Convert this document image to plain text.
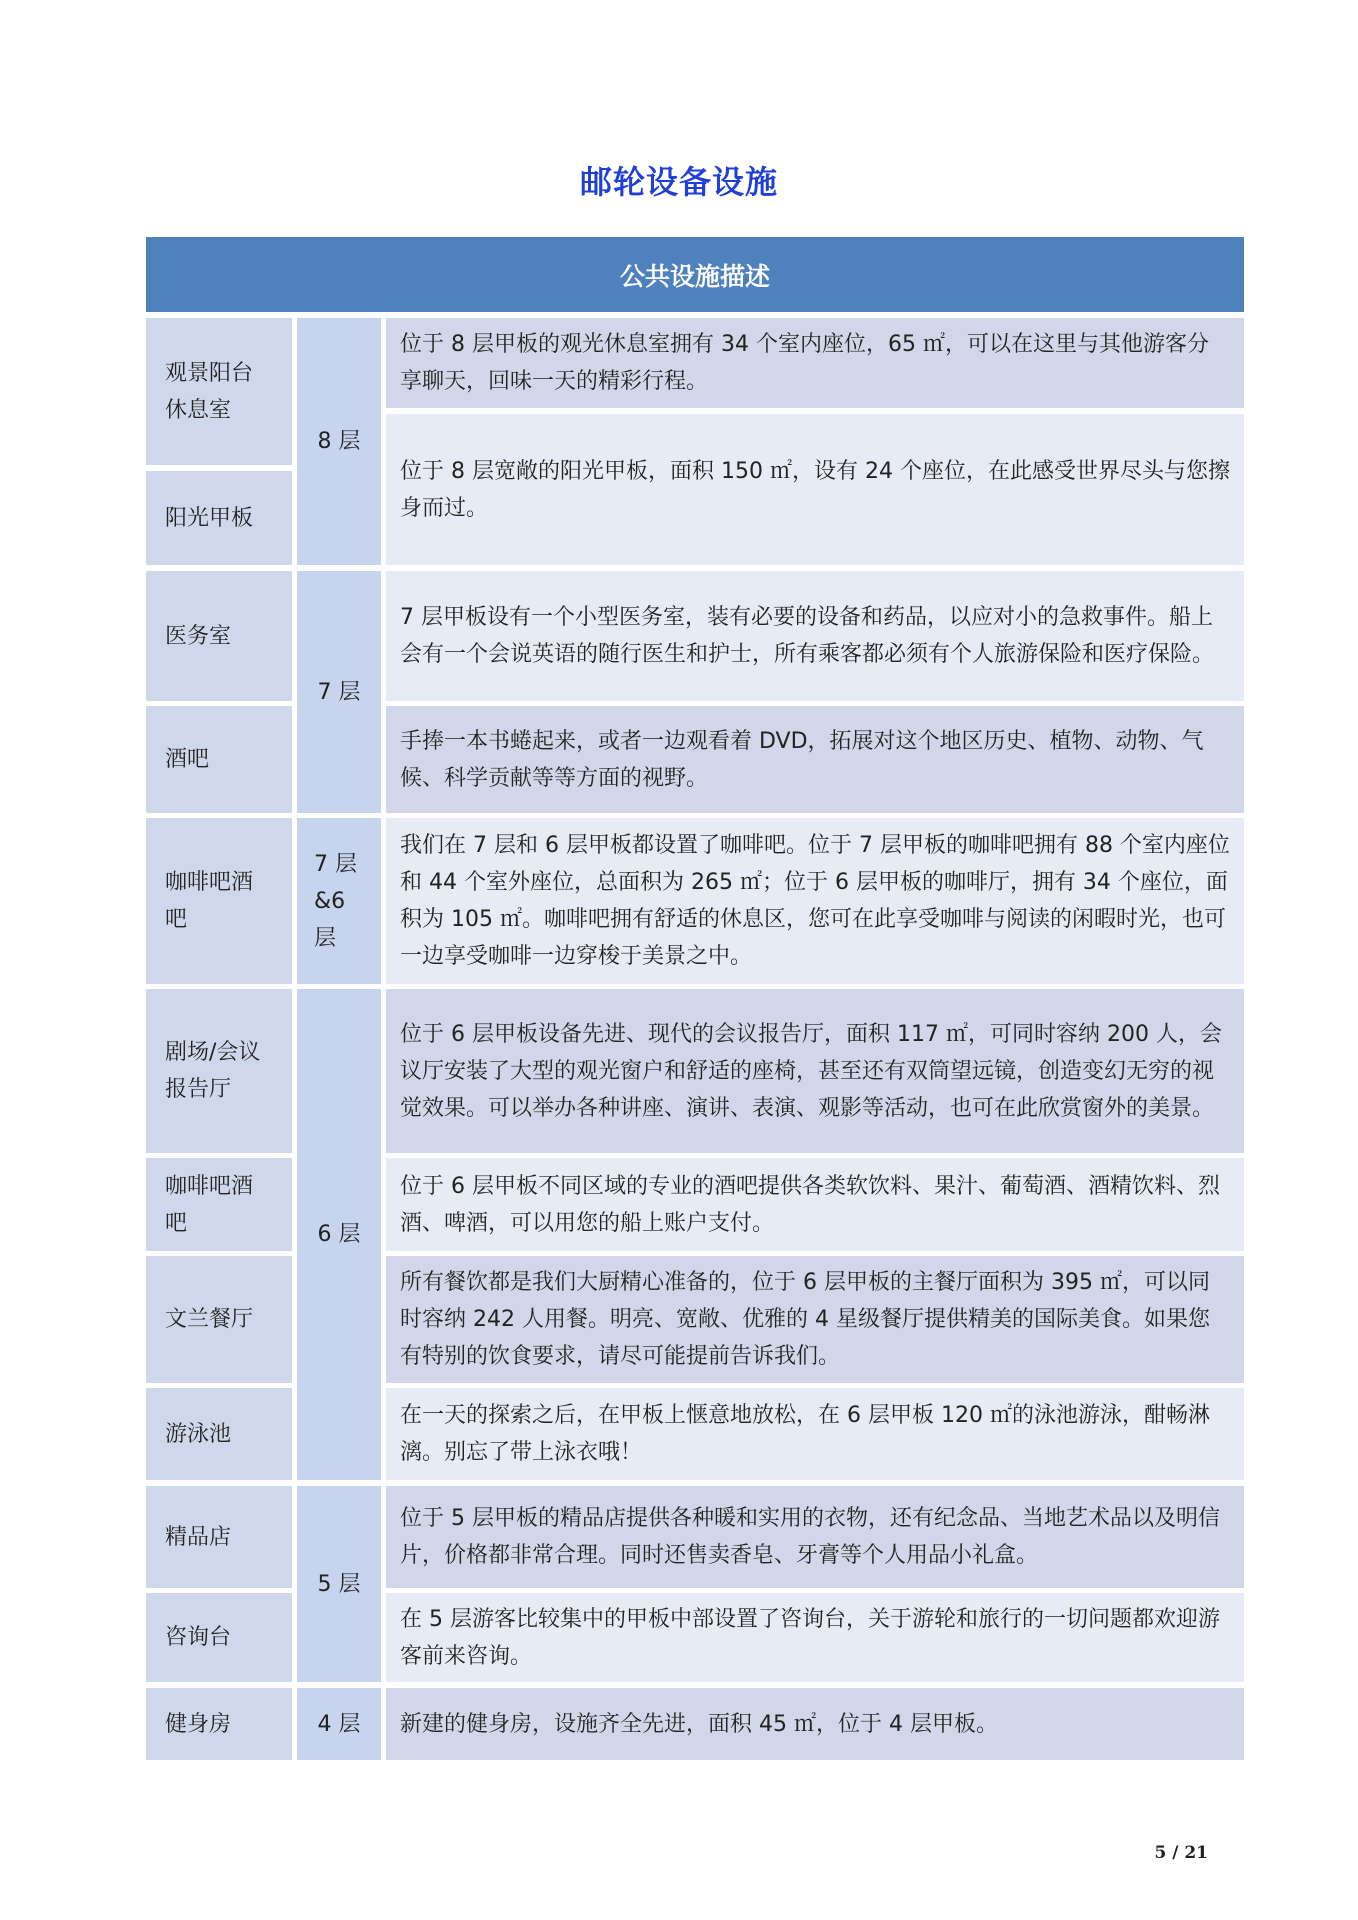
邮轮设备设施
公共设施描述
观景阳台休息室
阳光甲板
医务室
酒吧
咖啡吧酒吧
剧场/会议报告厅
咖啡吧酒吧
文兰餐厅
游泳池
精品店
咨询台
健身房
8 层
7 层
7 层&6 层
6 层
5 层
4 层
位于 8 层甲板的观光休息室拥有 34 个室内座位，65 ㎡，可以在这里与其他游客分享聊天，回味一天的精彩行程。
位于 8 层宽敞的阳光甲板，面积 150 ㎡，设有 24 个座位，在此感受世界尽头与您擦身而过。
7 层甲板设有一个小型医务室，装有必要的设备和药品，以应对小的急救事件。船上会有一个会说英语的随行医生和护士，所有乘客都必须有个人旅游保险和医疗保险。
手捧一本书蜷起来，或者一边观看着 DVD，拓展对这个地区历史、植物、动物、气候、科学贡献等等方面的视野。
我们在 7 层和 6 层甲板都设置了咖啡吧。位于 7 层甲板的咖啡吧拥有 88 个室内座位和 44 个室外座位，总面积为 265 ㎡；位于 6 层甲板的咖啡厅，拥有 34 个座位，面积为 105 ㎡。咖啡吧拥有舒适的休息区，您可在此享受咖啡与阅读的闲暇时光，也可一边享受咖啡一边穿梭于美景之中。
位于 6 层甲板设备先进、现代的会议报告厅，面积 117 ㎡，可同时容纳 200 人，会议厅安装了大型的观光窗户和舒适的座椅，甚至还有双筒望远镜，创造变幻无穷的视觉效果。可以举办各种讲座、演讲、表演、观影等活动，也可在此欣赏窗外的美景。
位于 6 层甲板不同区域的专业的酒吧提供各类软饮料、果汁、葡萄酒、酒精饮料、烈酒、啤酒，可以用您的船上账户支付。
所有餐饮都是我们大厨精心准备的，位于 6 层甲板的主餐厅面积为 395 ㎡，可以同时容纳 242 人用餐。明亮、宽敞、优雅的 4 星级餐厅提供精美的国际美食。如果您有特别的饮食要求，请尽可能提前告诉我们。
在一天的探索之后，在甲板上惬意地放松，在 6 层甲板 120 ㎡的泳池游泳，酣畅淋漓。别忘了带上泳衣哦！
位于 5 层甲板的精品店提供各种暖和实用的衣物，还有纪念品、当地艺术品以及明信片，价格都非常合理。同时还售卖香皂、牙膏等个人用品小礼盒。
在 5 层游客比较集中的甲板中部设置了咨询台，关于游轮和旅行的一切问题都欢迎游客前来咨询。
新建的健身房，设施齐全先进，面积 45 ㎡，位于 4 层甲板。
5 / 21
